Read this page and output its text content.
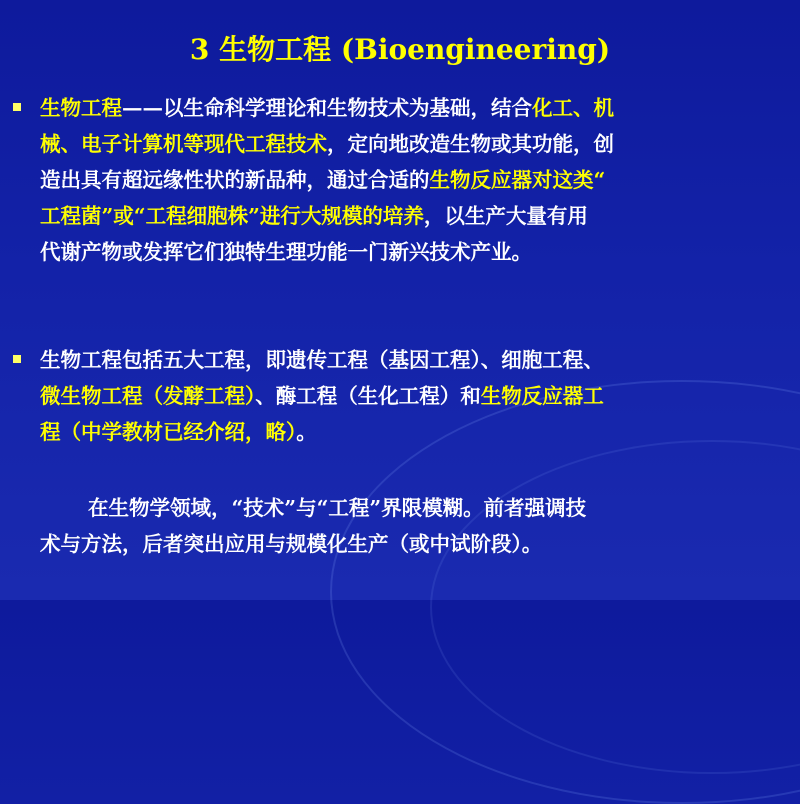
3 生物工程 (Bioengineering)

生物工程——以生命科学理论和生物技术为基础，结合化工、机
械、电子计算机等现代工程技术，定向地改造生物或其功能，创
造出具有超远缘性状的新品种，通过合适的生物反应器对这类“
工程菌”或“工程细胞株”进行大规模的培养，以生产大量有用
代谢产物或发挥它们独特生理功能一门新兴技术产业。

生物工程包括五大工程，即遗传工程（基因工程）、细胞工程、
微生物工程（发酵工程）、酶工程（生化工程）和生物反应器工
程（中学教材已经介绍，略）。

在生物学领域，“技术”与“工程”界限模糊。前者强调技
术与方法，后者突出应用与规模化生产（或中试阶段）。
